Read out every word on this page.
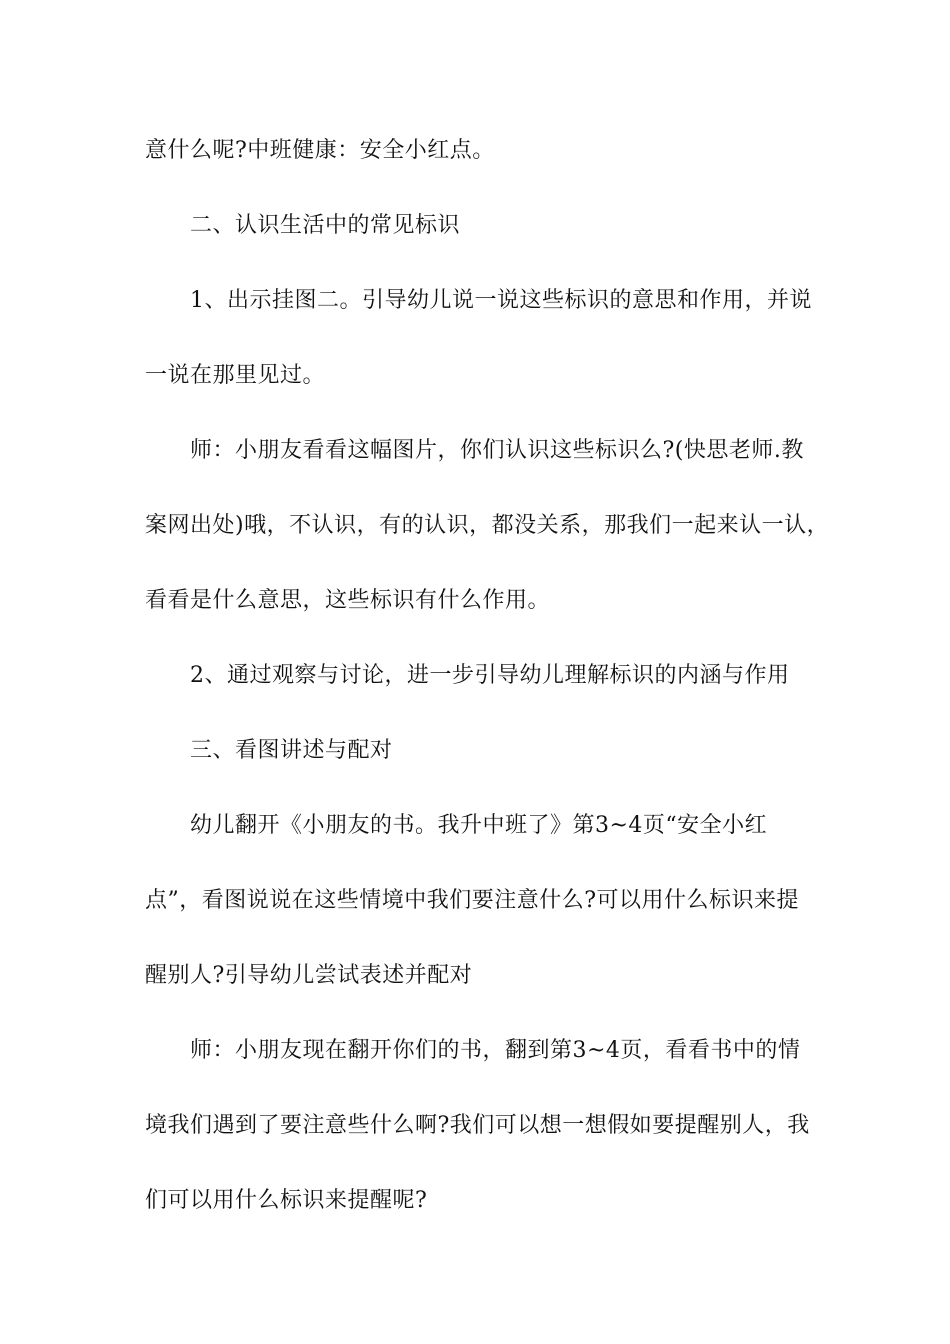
意什么呢?中班健康：安全小红点。
二、认识生活中的常见标识
1、出示挂图二。引导幼儿说一说这些标识的意思和作用，并说
一说在那里见过。
师：小朋友看看这幅图片，你们认识这些标识么?(快思老师.教
案网出处)哦，不认识，有的认识，都没关系，那我们一起来认一认，
看看是什么意思，这些标识有什么作用。
2、通过观察与讨论，进一步引导幼儿理解标识的内涵与作用
三、看图讲述与配对
幼儿翻开《小朋友的书。我升中班了》第3~4页“安全小红
点”，看图说说在这些情境中我们要注意什么?可以用什么标识来提
醒别人?引导幼儿尝试表述并配对
师：小朋友现在翻开你们的书，翻到第3~4页，看看书中的情
境我们遇到了要注意些什么啊?我们可以想一想假如要提醒别人，我
们可以用什么标识来提醒呢?
